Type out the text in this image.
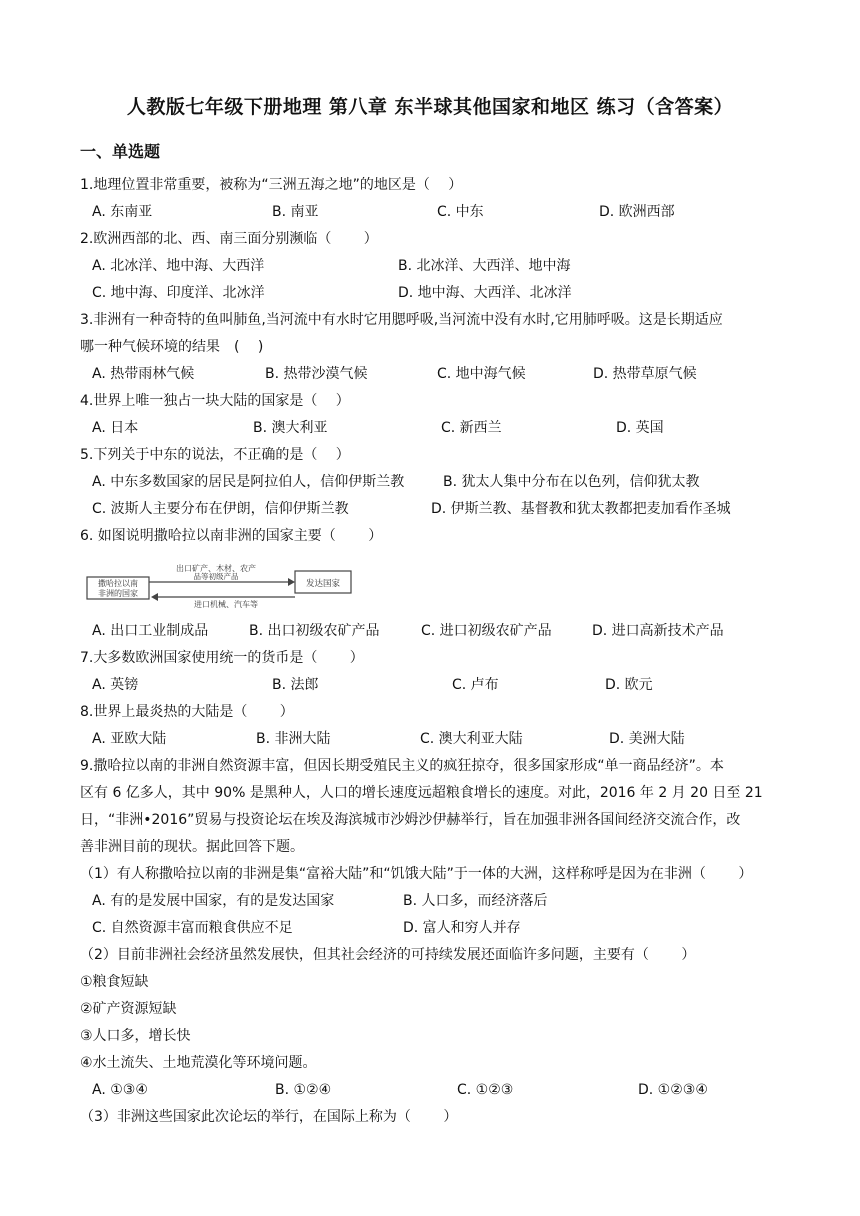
人教版七年级下册地理 第八章 东半球其他国家和地区 练习（含答案）
一、单选题
1.地理位置非常重要，被称为“三洲五海之地”的地区是（　 ）
A. 东南亚	B. 南亚	C. 中东	D. 欧洲西部
2.欧洲西部的北、西、南三面分别濒临（ 　　）
A. 北冰洋、地中海、大西洋	B. 北冰洋、大西洋、地中海
C. 地中海、印度洋、北冰洋	D. 地中海、大西洋、北冰洋
3.非洲有一种奇特的鱼叫肺鱼,当河流中有水时它用腮呼吸,当河流中没有水时,它用肺呼吸。这是长期适应
哪一种气候环境的结果　(　 )
A. 热带雨林气候	B. 热带沙漠气候	C. 地中海气候	D. 热带草原气候
4.世界上唯一独占一块大陆的国家是（　 ）
A. 日本	B. 澳大利亚	C. 新西兰	D. 英国
5.下列关于中东的说法，不正确的是（　 ）
A. 中东多数国家的居民是阿拉伯人，信仰伊斯兰教	B. 犹太人集中分布在以色列，信仰犹太教
C. 波斯人主要分布在伊朗，信仰伊斯兰教	D. 伊斯兰教、基督教和犹太教都把麦加看作圣城
6. 如图说明撒哈拉以南非洲的国家主要（ 　　）
撒哈拉以南
非洲的国家
出口矿产、木材、农产
品等初级产品
进口机械、汽车等
发达国家
A. 出口工业制成品	B. 出口初级农矿产品	C. 进口初级农矿产品	D. 进口高新技术产品
7.大多数欧洲国家使用统一的货币是（ 　　）
A. 英镑	B. 法郎	C. 卢布	D. 欧元
8.世界上最炎热的大陆是（ 　　）
A. 亚欧大陆	B. 非洲大陆	C. 澳大利亚大陆	D. 美洲大陆
9.撒哈拉以南的非洲自然资源丰富，但因长期受殖民主义的疯狂掠夺，很多国家形成“单一商品经济”。本
区有 6 亿多人，其中 90% 是黑种人，人口的增长速度远超粮食增长的速度。对此，2016 年 2 月 20 日至 21
日，“非洲•2016”贸易与投资论坛在埃及海滨城市沙姆沙伊赫举行，旨在加强非洲各国间经济交流合作，改
善非洲目前的现状。据此回答下题。
（1）有人称撒哈拉以南的非洲是集“富裕大陆”和“饥饿大陆”于一体的大洲，这样称呼是因为在非洲（ 　　）
A. 有的是发展中国家，有的是发达国家	B. 人口多，而经济落后
C. 自然资源丰富而粮食供应不足	D. 富人和穷人并存
（2）目前非洲社会经济虽然发展快，但其社会经济的可持续发展还面临许多问题，主要有（ 　　）
①粮食短缺
②矿产资源短缺
③人口多，增长快
④水土流失、土地荒漠化等环境问题。
A. ①③④	B. ①②④	C. ①②③	D. ①②③④
（3）非洲这些国家此次论坛的举行，在国际上称为（ 　　）
